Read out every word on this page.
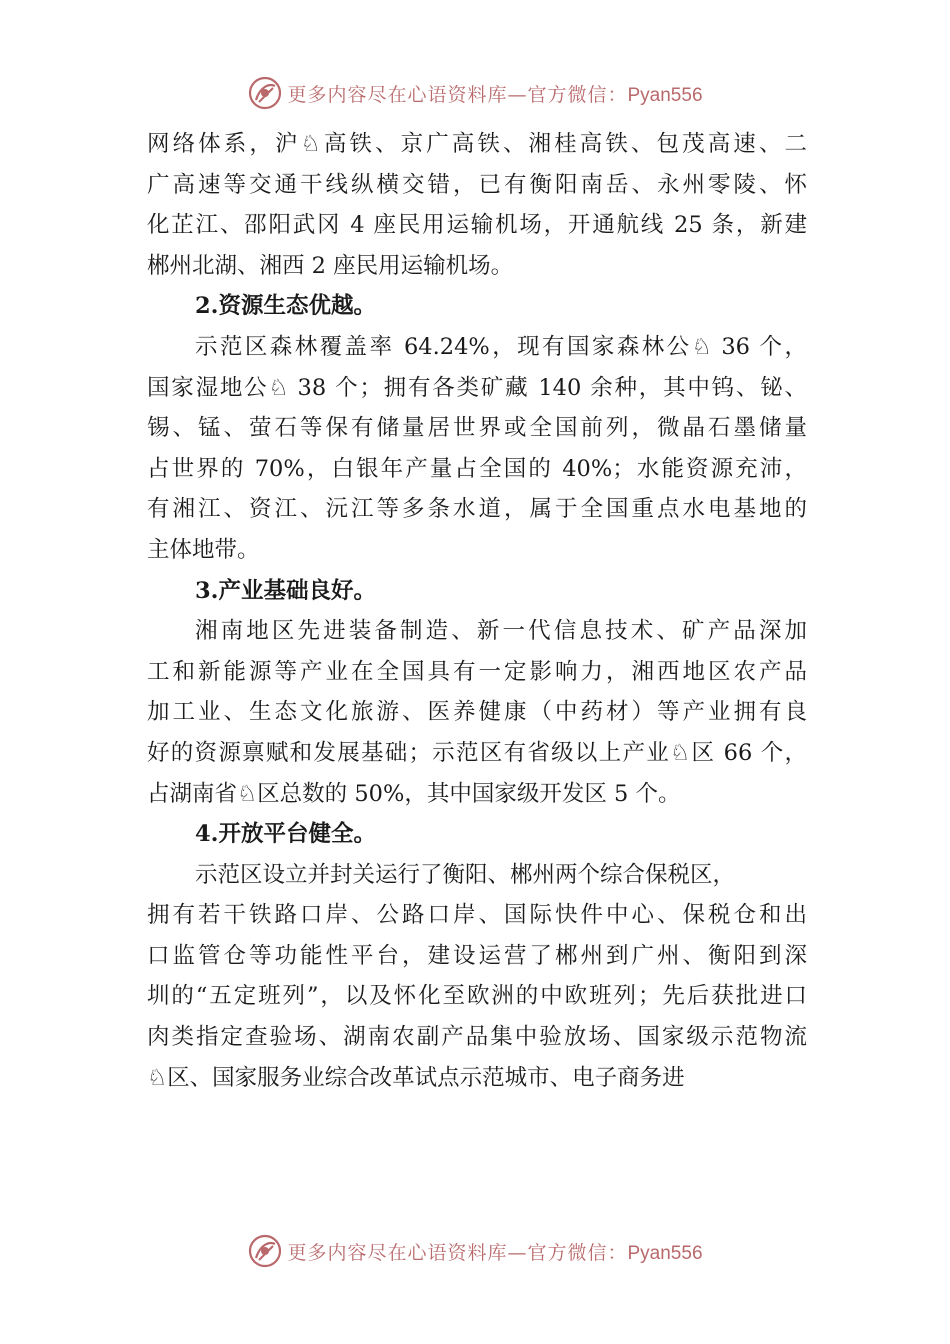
更多内容尽在心语资料库—官方微信：Pyan556
网络体系，沪♘高铁、京广高铁、湘桂高铁、包茂高速、二
广高速等交通干线纵横交错，已有衡阳南岳、永州零陵、怀
化芷江、邵阳武冈 4 座民用运输机场，开通航线 25 条，新建
郴州北湖、湘西 2 座民用运输机场。
2.资源生态优越。
示范区森林覆盖率 64.24%，现有国家森林公♘ 36 个，
国家湿地公♘ 38 个；拥有各类矿藏 140 余种，其中钨、铋、
锡、锰、萤石等保有储量居世界或全国前列，微晶石墨储量
占世界的 70%，白银年产量占全国的 40%；水能资源充沛，
有湘江、资江、沅江等多条水道，属于全国重点水电基地的
主体地带。
3.产业基础良好。
湘南地区先进装备制造、新一代信息技术、矿产品深加
工和新能源等产业在全国具有一定影响力，湘西地区农产品
加工业、生态文化旅游、医养健康（中药材）等产业拥有良
好的资源禀赋和发展基础；示范区有省级以上产业♘区 66 个，
占湖南省♘区总数的 50%，其中国家级开发区 5 个。
4.开放平台健全。
示范区设立并封关运行了衡阳、郴州两个综合保税区，
拥有若干铁路口岸、公路口岸、国际快件中心、保税仓和出
口监管仓等功能性平台，建设运营了郴州到广州、衡阳到深
圳的“五定班列”，以及怀化至欧洲的中欧班列；先后获批进口
肉类指定查验场、湖南农副产品集中验放场、国家级示范物流
♘区、国家服务业综合改革试点示范城市、电子商务进
更多内容尽在心语资料库—官方微信：Pyan556
